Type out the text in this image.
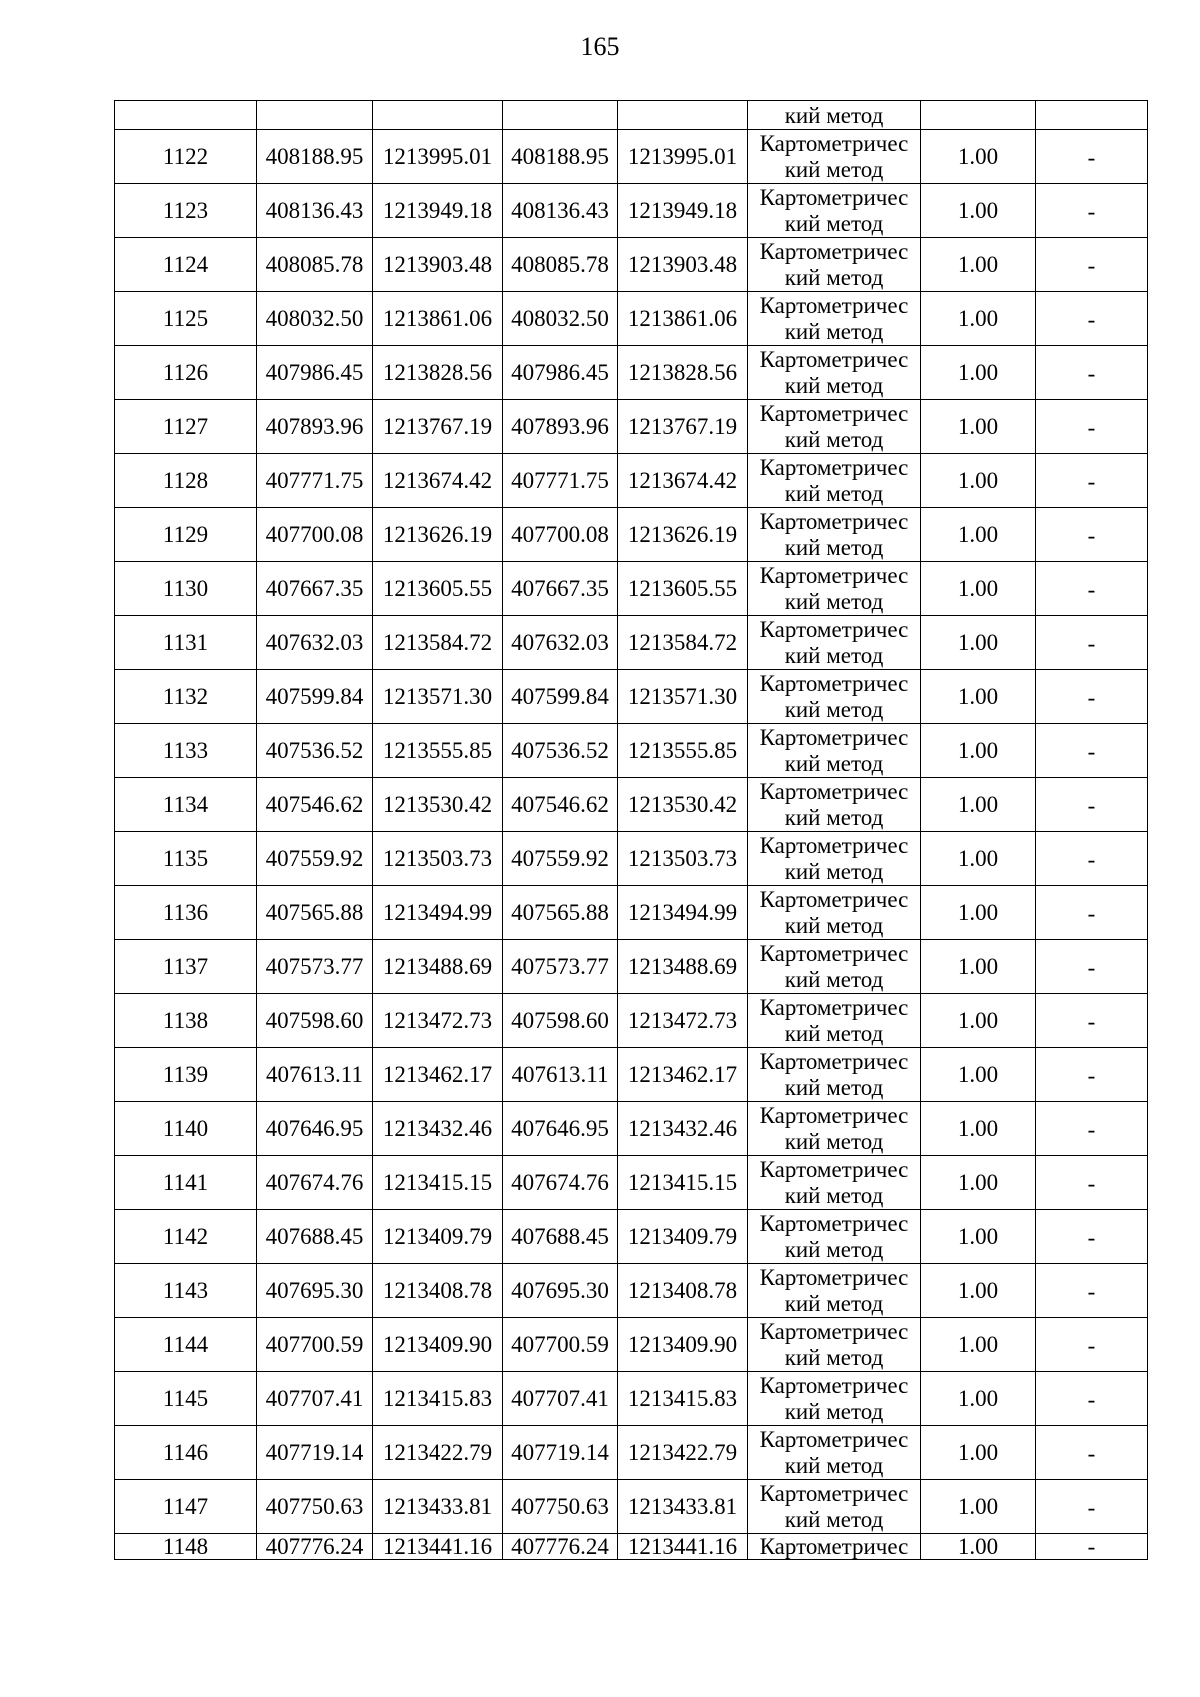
165

					кий метод		

1122	408188.95	1213995.01	408188.95	1213995.01	Картометричес
кий метод	1.00	-

1123	408136.43	1213949.18	408136.43	1213949.18	Картометричес
кий метод	1.00	-

1124	408085.78	1213903.48	408085.78	1213903.48	Картометричес
кий метод	1.00	-

1125	408032.50	1213861.06	408032.50	1213861.06	Картометричес
кий метод	1.00	-

1126	407986.45	1213828.56	407986.45	1213828.56	Картометричес
кий метод	1.00	-

1127	407893.96	1213767.19	407893.96	1213767.19	Картометричес
кий метод	1.00	-

1128	407771.75	1213674.42	407771.75	1213674.42	Картометричес
кий метод	1.00	-

1129	407700.08	1213626.19	407700.08	1213626.19	Картометричес
кий метод	1.00	-

1130	407667.35	1213605.55	407667.35	1213605.55	Картометричес
кий метод	1.00	-

1131	407632.03	1213584.72	407632.03	1213584.72	Картометричес
кий метод	1.00	-

1132	407599.84	1213571.30	407599.84	1213571.30	Картометричес
кий метод	1.00	-

1133	407536.52	1213555.85	407536.52	1213555.85	Картометричес
кий метод	1.00	-

1134	407546.62	1213530.42	407546.62	1213530.42	Картометричес
кий метод	1.00	-

1135	407559.92	1213503.73	407559.92	1213503.73	Картометричес
кий метод	1.00	-

1136	407565.88	1213494.99	407565.88	1213494.99	Картометричес
кий метод	1.00	-

1137	407573.77	1213488.69	407573.77	1213488.69	Картометричес
кий метод	1.00	-

1138	407598.60	1213472.73	407598.60	1213472.73	Картометричес
кий метод	1.00	-

1139	407613.11	1213462.17	407613.11	1213462.17	Картометричес
кий метод	1.00	-

1140	407646.95	1213432.46	407646.95	1213432.46	Картометричес
кий метод	1.00	-

1141	407674.76	1213415.15	407674.76	1213415.15	Картометричес
кий метод	1.00	-

1142	407688.45	1213409.79	407688.45	1213409.79	Картометричес
кий метод	1.00	-

1143	407695.30	1213408.78	407695.30	1213408.78	Картометричес
кий метод	1.00	-

1144	407700.59	1213409.90	407700.59	1213409.90	Картометричес
кий метод	1.00	-

1145	407707.41	1213415.83	407707.41	1213415.83	Картометричес
кий метод	1.00	-

1146	407719.14	1213422.79	407719.14	1213422.79	Картометричес
кий метод	1.00	-

1147	407750.63	1213433.81	407750.63	1213433.81	Картометричес
кий метод	1.00	-

1148	407776.24	1213441.16	407776.24	1213441.16	Картометричес	1.00	-
